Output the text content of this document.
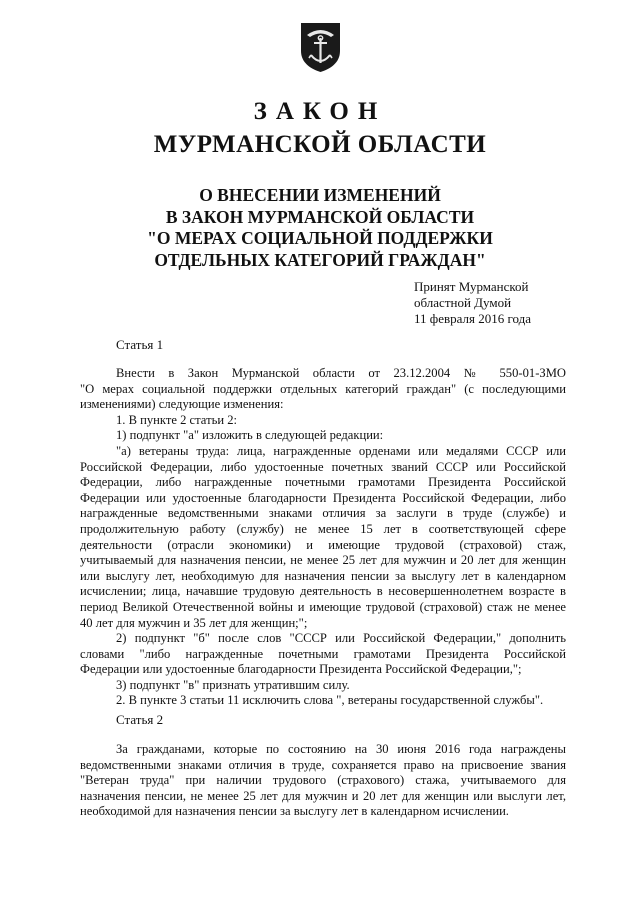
ЗАКОН
МУРМАНСКОЙ ОБЛАСТИ
О ВНЕСЕНИИ ИЗМЕНЕНИЙ
В ЗАКОН МУРМАНСКОЙ ОБЛАСТИ
"О МЕРАХ СОЦИАЛЬНОЙ ПОДДЕРЖКИ
ОТДЕЛЬНЫХ КАТЕГОРИЙ ГРАЖДАН"
Принят Мурманской
областной Думой
11 февраля 2016 года
Статья 1
Внести в Закон Мурманской области от 23.12.2004 № 550-01-ЗМО
"О мерах социальной поддержки отдельных категорий граждан" (с последующими
изменениями) следующие изменения:
1. В пункте 2 статьи 2:
1) подпункт "а" изложить в следующей редакции:
"а) ветераны труда: лица, награжденные орденами или медалями СССР или
Российской Федерации, либо удостоенные почетных званий СССР или Российской
Федерации, либо награжденные почетными грамотами Президента Российской
Федерации или удостоенные благодарности Президента Российской Федерации, либо
награжденные ведомственными знаками отличия за заслуги в труде (службе) и
продолжительную работу (службу) не менее 15 лет в соответствующей сфере
деятельности (отрасли экономики) и имеющие трудовой (страховой) стаж,
учитываемый для назначения пенсии, не менее 25 лет для мужчин и 20 лет для женщин
или выслугу лет, необходимую для назначения пенсии за выслугу лет в календарном
исчислении; лица, начавшие трудовую деятельность в несовершеннолетнем возрасте в
период Великой Отечественной войны и имеющие трудовой (страховой) стаж не менее
40 лет для мужчин и 35 лет для женщин;";
2) подпункт "б" после слов "СССР или Российской Федерации," дополнить
словами "либо награжденные почетными грамотами Президента Российской
Федерации или удостоенные благодарности Президента Российской Федерации,";
3) подпункт "в" признать утратившим силу.
2. В пункте 3 статьи 11 исключить слова ", ветераны государственной службы".
Статья 2
За гражданами, которые по состоянию на 30 июня 2016 года награждены
ведомственными знаками отличия в труде, сохраняется право на присвоение звания
"Ветеран труда" при наличии трудового (страхового) стажа, учитываемого для
назначения пенсии, не менее 25 лет для мужчин и 20 лет для женщин или выслуги лет,
необходимой для назначения пенсии за выслугу лет в календарном исчислении.
